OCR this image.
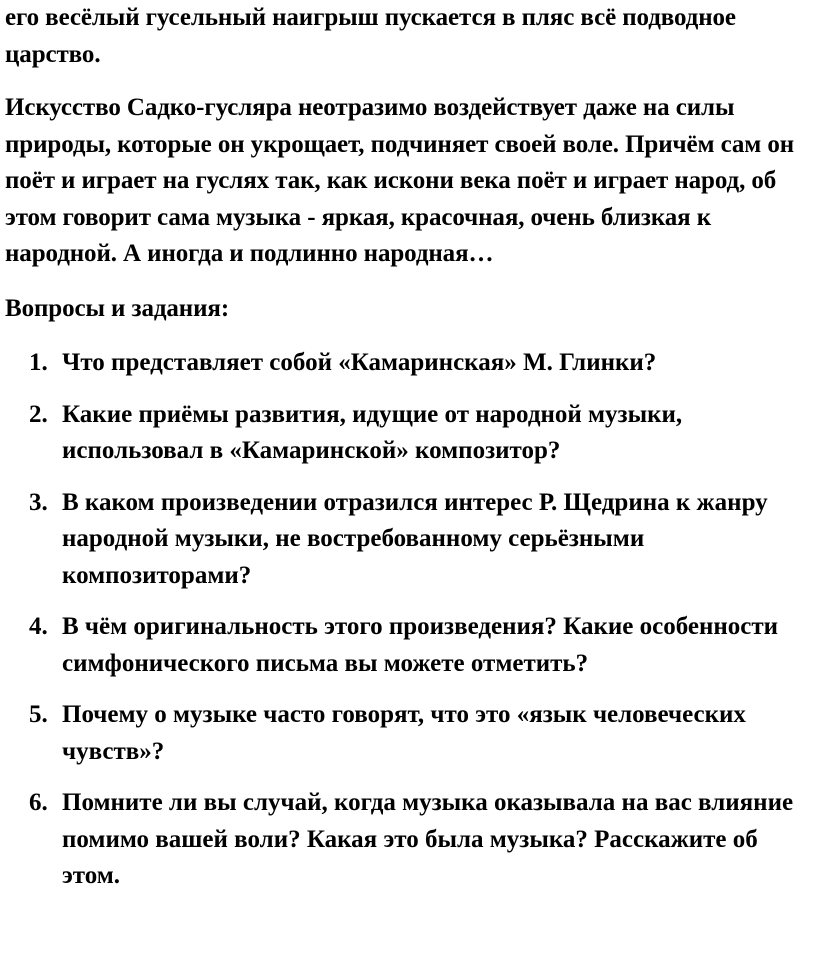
его весёлый гусельный наигрыш пускается в пляс всё подводное царство.

Искусство Садко-гусляра неотразимо воздействует даже на силы природы, которые он укрощает, подчиняет своей воле. Причём сам он поёт и играет на гуслях так, как искони века поёт и играет народ, об этом говорит сама музыка - яркая, красочная, очень близкая к народной. А иногда и подлинно народная…

Вопросы и задания:

1. Что представляет собой «Камаринская» М. Глинки?
2. Какие приёмы развития, идущие от народной музыки, использовал в «Камаринской» композитор?
3. В каком произведении отразился интерес Р. Щедрина к жанру народной музыки, не востребованному серьёзными композиторами?
4. В чём оригинальность этого произведения? Какие особенности симфонического письма вы можете отметить?
5. Почему о музыке часто говорят, что это «язык человеческих чувств»?
6. Помните ли вы случай, когда музыка оказывала на вас влияние помимо вашей воли? Какая это была музыка? Расскажите об этом.
